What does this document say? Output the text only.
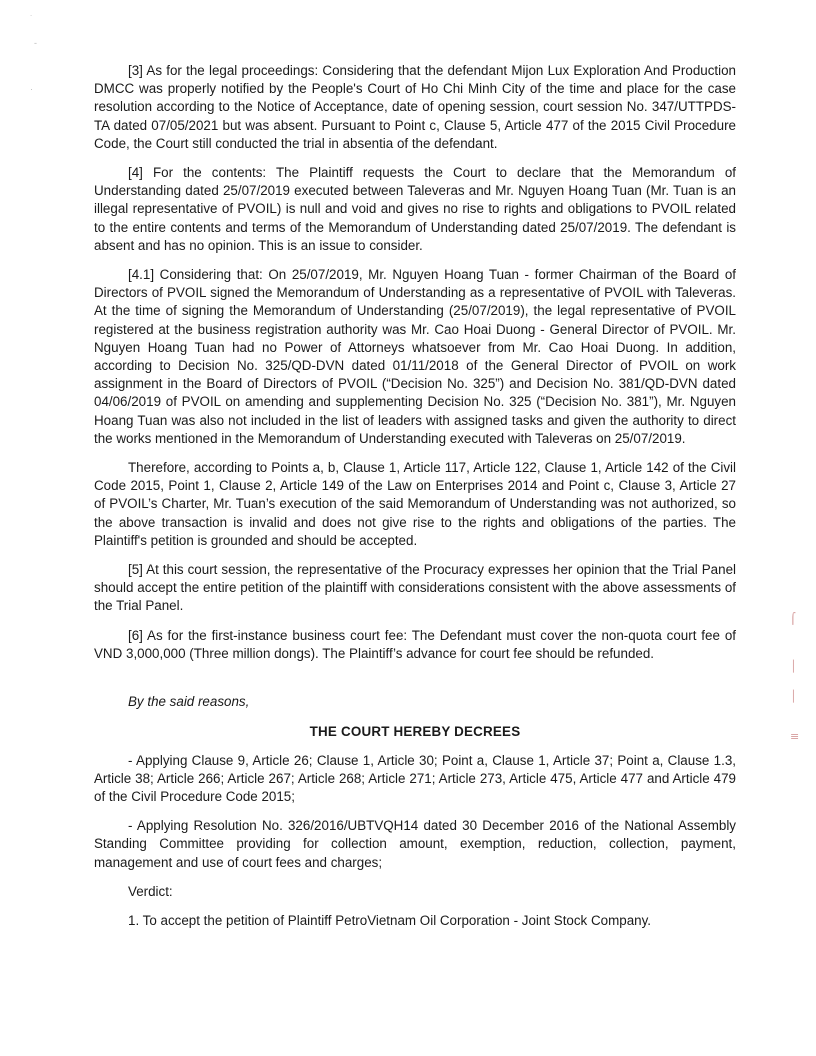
˙
-
·
⌠
│
│
≡

[3] As for the legal proceedings: Considering that the defendant Mijon Lux Exploration And Production DMCC was properly notified by the People's Court of Ho Chi Minh City of the time and place for the case resolution according to the Notice of Acceptance, date of opening session, court session No. 347/UTTPDS-TA dated 07/05/2021 but was absent. Pursuant to Point c, Clause 5, Article 477 of the 2015 Civil Procedure Code, the Court still conducted the trial in absentia of the defendant.

[4] For the contents: The Plaintiff requests the Court to declare that the Memorandum of Understanding dated 25/07/2019 executed between Taleveras and Mr. Nguyen Hoang Tuan (Mr. Tuan is an illegal representative of PVOIL) is null and void and gives no rise to rights and obligations to PVOIL related to the entire contents and terms of the Memorandum of Understanding dated 25/07/2019. The defendant is absent and has no opinion. This is an issue to consider.

[4.1] Considering that: On 25/07/2019, Mr. Nguyen Hoang Tuan - former Chairman of the Board of Directors of PVOIL signed the Memorandum of Understanding as a representative of PVOIL with Taleveras. At the time of signing the Memorandum of Understanding (25/07/2019), the legal representative of PVOIL registered at the business registration authority was Mr. Cao Hoai Duong - General Director of PVOIL. Mr. Nguyen Hoang Tuan had no Power of Attorneys whatsoever from Mr. Cao Hoai Duong. In addition, according to Decision No. 325/QD-DVN dated 01/11/2018 of the General Director of PVOIL on work assignment in the Board of Directors of PVOIL (“Decision No. 325”) and Decision No. 381/QD-DVN dated 04/06/2019 of PVOIL on amending and supplementing Decision No. 325 (“Decision No. 381”), Mr. Nguyen Hoang Tuan was also not included in the list of leaders with assigned tasks and given the authority to direct the works mentioned in the Memorandum of Understanding executed with Taleveras on 25/07/2019.

Therefore, according to Points a, b, Clause 1, Article 117, Article 122, Clause 1, Article 142 of the Civil Code 2015, Point 1, Clause 2, Article 149 of the Law on Enterprises 2014 and Point c, Clause 3, Article 27 of PVOIL’s Charter, Mr. Tuan’s execution of the said Memorandum of Understanding was not authorized, so the above transaction is invalid and does not give rise to the rights and obligations of the parties. The Plaintiff's petition is grounded and should be accepted.

[5] At this court session, the representative of the Procuracy expresses her opinion that the Trial Panel should accept the entire petition of the plaintiff with considerations consistent with the above assessments of the Trial Panel.

[6] As for the first-instance business court fee: The Defendant must cover the non-quota court fee of VND 3,000,000 (Three million dongs). The Plaintiff’s advance for court fee should be refunded.

By the said reasons,

THE COURT HEREBY DECREES

- Applying Clause 9, Article 26; Clause 1, Article 30; Point a, Clause 1, Article 37; Point a, Clause 1.3, Article 38; Article 266; Article 267; Article 268; Article 271; Article 273, Article 475, Article 477 and Article 479 of the Civil Procedure Code 2015;

- Applying Resolution No. 326/2016/UBTVQH14 dated 30 December 2016 of the National Assembly Standing Committee providing for collection amount, exemption, reduction, collection, payment, management and use of court fees and charges;

Verdict:

1. To accept the petition of Plaintiff PetroVietnam Oil Corporation - Joint Stock Company.
